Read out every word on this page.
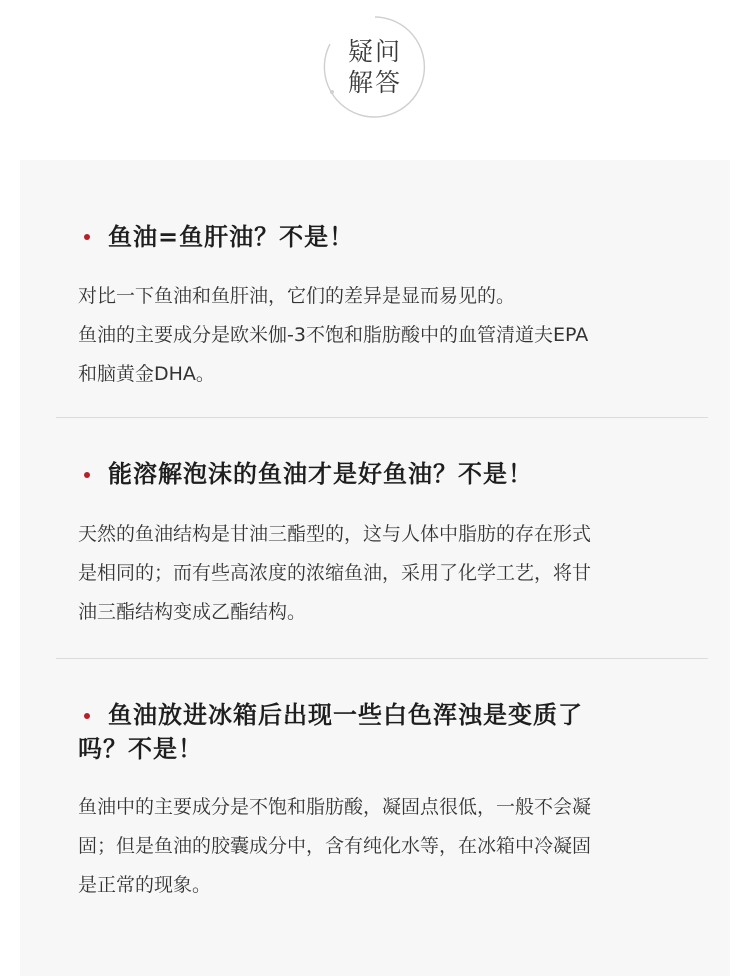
疑问
解答
鱼油=鱼肝油？不是！
对比一下鱼油和鱼肝油，它们的差异是显而易见的。
鱼油的主要成分是欧米伽-3不饱和脂肪酸中的血管清道夫EPA
和脑黄金DHA。
能溶解泡沫的鱼油才是好鱼油？不是！
天然的鱼油结构是甘油三酯型的，这与人体中脂肪的存在形式
是相同的；而有些高浓度的浓缩鱼油，采用了化学工艺，将甘
油三酯结构变成乙酯结构。
鱼油放进冰箱后出现一些白色浑浊是变质了
吗？不是！
鱼油中的主要成分是不饱和脂肪酸，凝固点很低，一般不会凝
固；但是鱼油的胶囊成分中，含有纯化水等，在冰箱中冷凝固
是正常的现象。
